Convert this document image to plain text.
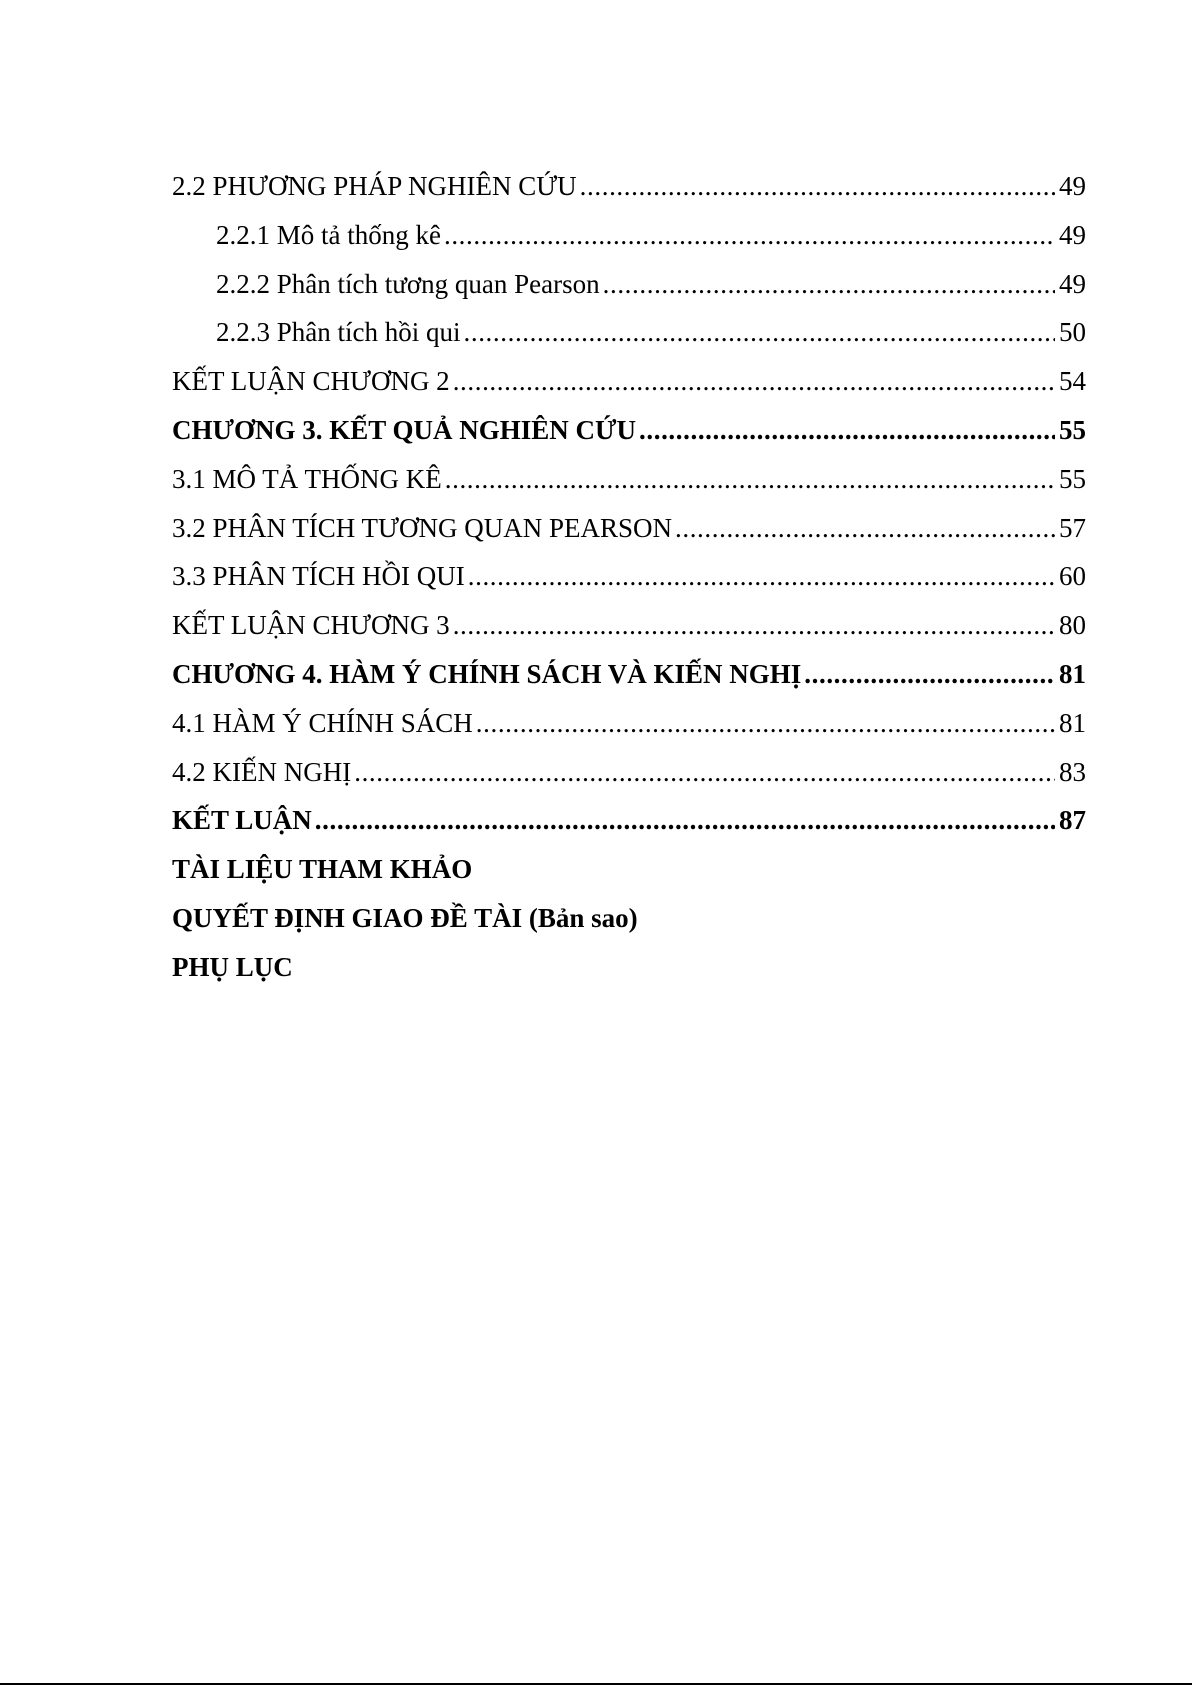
2.2 PHƯƠNG PHÁP NGHIÊN CỨU .....	49
2.2.1 Mô tả thống kê .....	49
2.2.2 Phân tích tương quan Pearson .....	49
2.2.3 Phân tích hồi qui .....	50
KẾT LUẬN CHƯƠNG 2 .....	54
CHƯƠNG 3. KẾT QUẢ NGHIÊN CỨU .....	55
3.1 MÔ TẢ THỐNG KÊ .....	55
3.2 PHÂN TÍCH TƯƠNG QUAN PEARSON .....	57
3.3 PHÂN TÍCH HỒI QUI .....	60
KẾT LUẬN CHƯƠNG 3 .....	80
CHƯƠNG 4. HÀM Ý CHÍNH SÁCH VÀ KIẾN NGHỊ .....	81
4.1 HÀM Ý CHÍNH SÁCH .....	81
4.2 KIẾN NGHỊ .....	83
KẾT LUẬN .....	87
TÀI LIỆU THAM KHẢO
QUYẾT ĐỊNH GIAO ĐỀ TÀI (Bản sao)
PHỤ LỤC
